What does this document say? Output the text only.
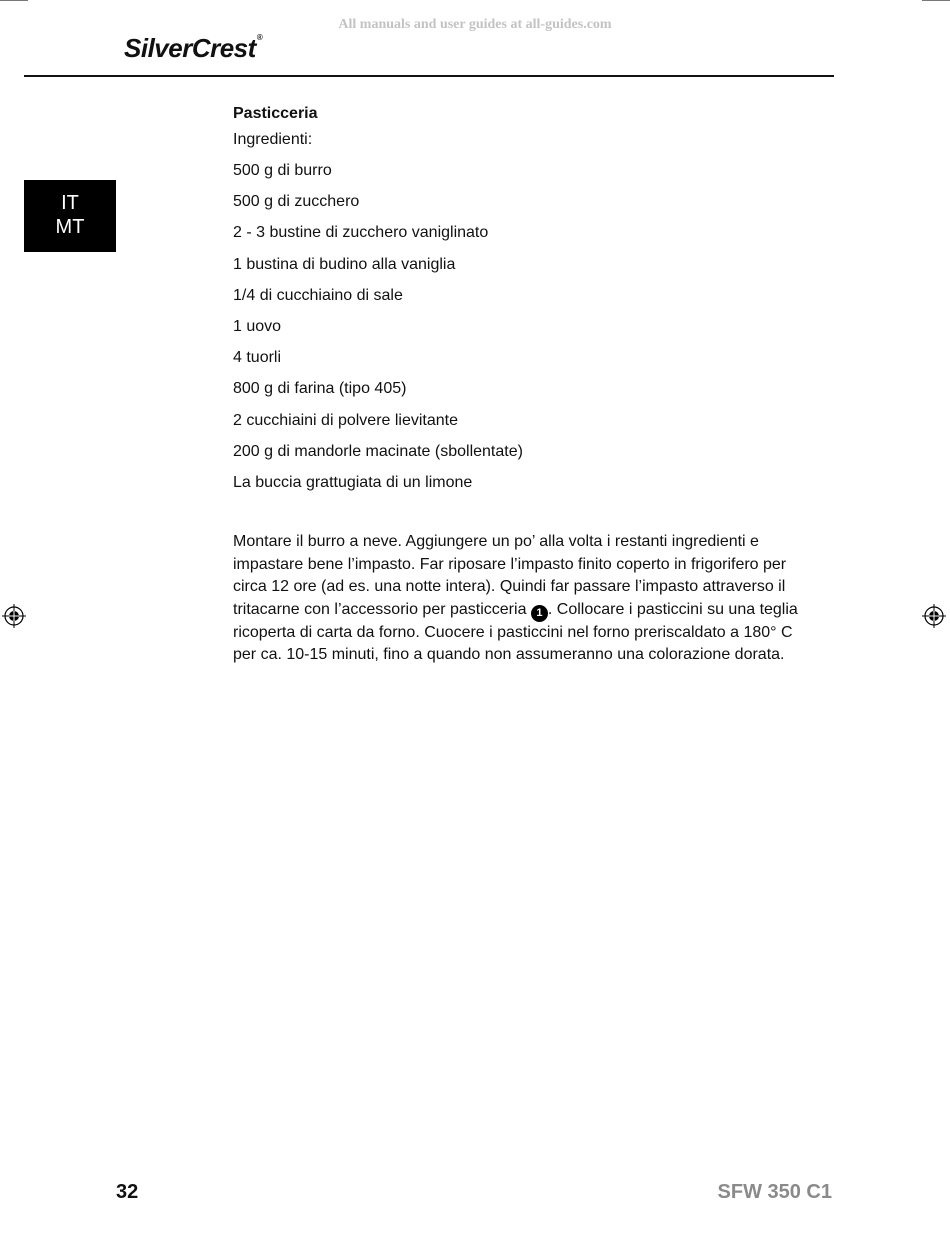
All manuals and user guides at all-guides.com
SilverCrest®
IT
MT
Pasticceria

Ingredienti:

500 g di burro
500 g di zucchero
2 - 3 bustine di zucchero vaniglinato
1 bustina di budino alla vaniglia
1/4 di cucchiaino di sale
1 uovo
4 tuorli
800 g di farina (tipo 405)
2 cucchiaini di polvere lievitante
200 g di mandorle macinate (sbollentate)
La buccia grattugiata di un limone

Montare il burro a neve. Aggiungere un po’ alla volta i restanti ingredienti e impastare bene l’impasto. Far riposare l’impasto finito coperto in frigorifero per circa 12 ore (ad es. una notte intera). Quindi far passare l’impasto attraverso il tritacarne con l’accessorio per pasticceria 1 . Collocare i pasticcini su una teglia ricoperta di carta da forno. Cuocere i pasticcini nel forno preriscaldato a 180° C per ca. 10-15 minuti, fino a quando non assumeranno una colorazione dorata.

32	SFW 350 C1
